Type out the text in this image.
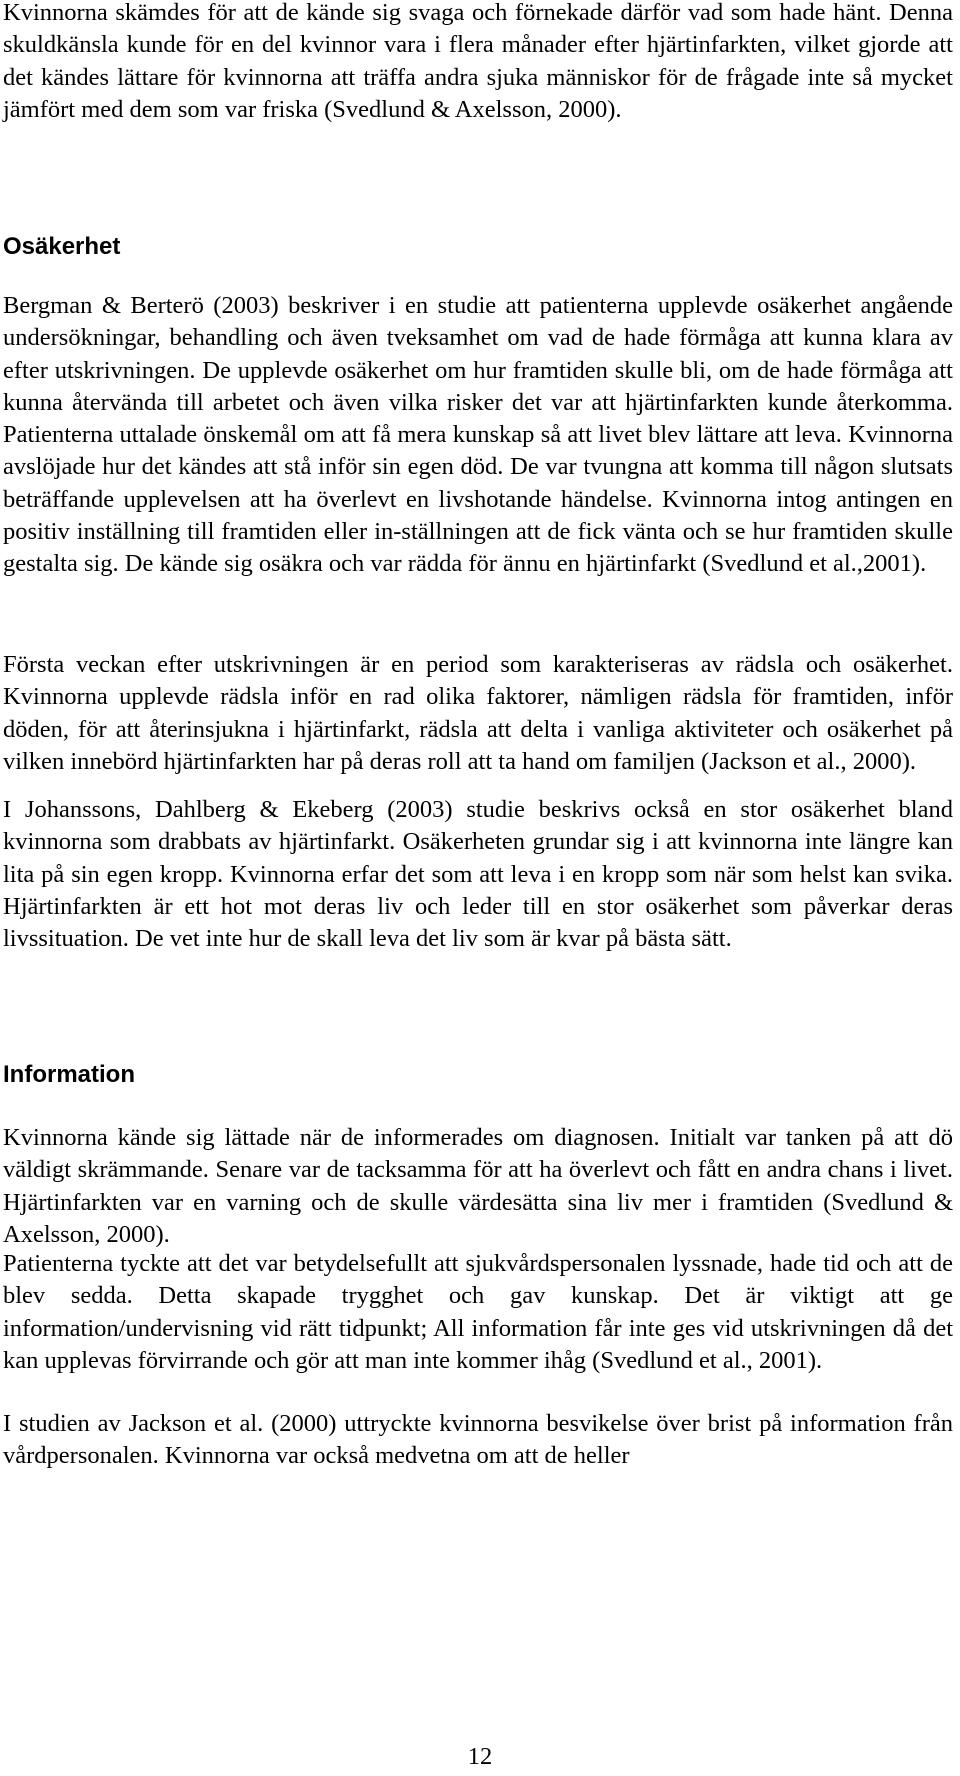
Kvinnorna skämdes för att de kände sig svaga och förnekade därför vad som hade hänt. Denna skuldkänsla kunde för en del kvinnor vara i flera månader efter hjärtinfarkten, vilket gjorde att det kändes lättare för kvinnorna att träffa andra sjuka människor för de frågade inte så mycket jämfört med dem som var friska (Svedlund & Axelsson, 2000).

Osäkerhet

Bergman & Berterö (2003) beskriver i en studie att patienterna upplevde osäkerhet angående undersökningar, behandling och även tveksamhet om vad de hade förmåga att kunna klara av efter utskrivningen. De upplevde osäkerhet om hur framtiden skulle bli, om de hade förmåga att kunna återvända till arbetet och även vilka risker det var att hjärtinfarkten kunde återkomma. Patienterna uttalade önskemål om att få mera kunskap så att livet blev lättare att leva. Kvinnorna avslöjade hur det kändes att stå inför sin egen död. De var tvungna att komma till någon slutsats beträffande upplevelsen att ha överlevt en livshotande händelse. Kvinnorna intog antingen en positiv inställning till framtiden eller in-ställningen att de fick vänta och se hur framtiden skulle gestalta sig. De kände sig osäkra och var rädda för ännu en hjärtinfarkt (Svedlund et al.,2001).

Första veckan efter utskrivningen är en period som karakteriseras av rädsla och osäkerhet. Kvinnorna upplevde rädsla inför en rad olika faktorer, nämligen rädsla för framtiden, inför döden, för att återinsjukna i hjärtinfarkt, rädsla att delta i vanliga aktiviteter och osäkerhet på vilken innebörd hjärtinfarkten har på deras roll att ta hand om familjen (Jackson et al., 2000).

I Johanssons, Dahlberg & Ekeberg (2003) studie beskrivs också en stor osäkerhet bland kvinnorna som drabbats av hjärtinfarkt. Osäkerheten grundar sig i att kvinnorna inte längre kan lita på sin egen kropp. Kvinnorna erfar det som att leva i en kropp som när som helst kan svika. Hjärtinfarkten är ett hot mot deras liv och leder till en stor osäkerhet som påverkar deras livssituation. De vet inte hur de skall leva det liv som är kvar på bästa sätt.

Information

Kvinnorna kände sig lättade när de informerades om diagnosen. Initialt var tanken på att dö väldigt skrämmande. Senare var de tacksamma för att ha överlevt och fått en andra chans i livet. Hjärtinfarkten var en varning och de skulle värdesätta sina liv mer i framtiden (Svedlund & Axelsson, 2000).

Patienterna tyckte att det var betydelsefullt att sjukvårdspersonalen lyssnade, hade tid och att de blev sedda. Detta skapade trygghet och gav kunskap. Det är viktigt att ge information/undervisning vid rätt tidpunkt; All information får inte ges vid utskrivningen då det kan upplevas förvirrande och gör att man inte kommer ihåg (Svedlund et al., 2001).

I studien av Jackson et al. (2000) uttryckte kvinnorna besvikelse över brist på information från vårdpersonalen. Kvinnorna var också medvetna om att de heller

12
